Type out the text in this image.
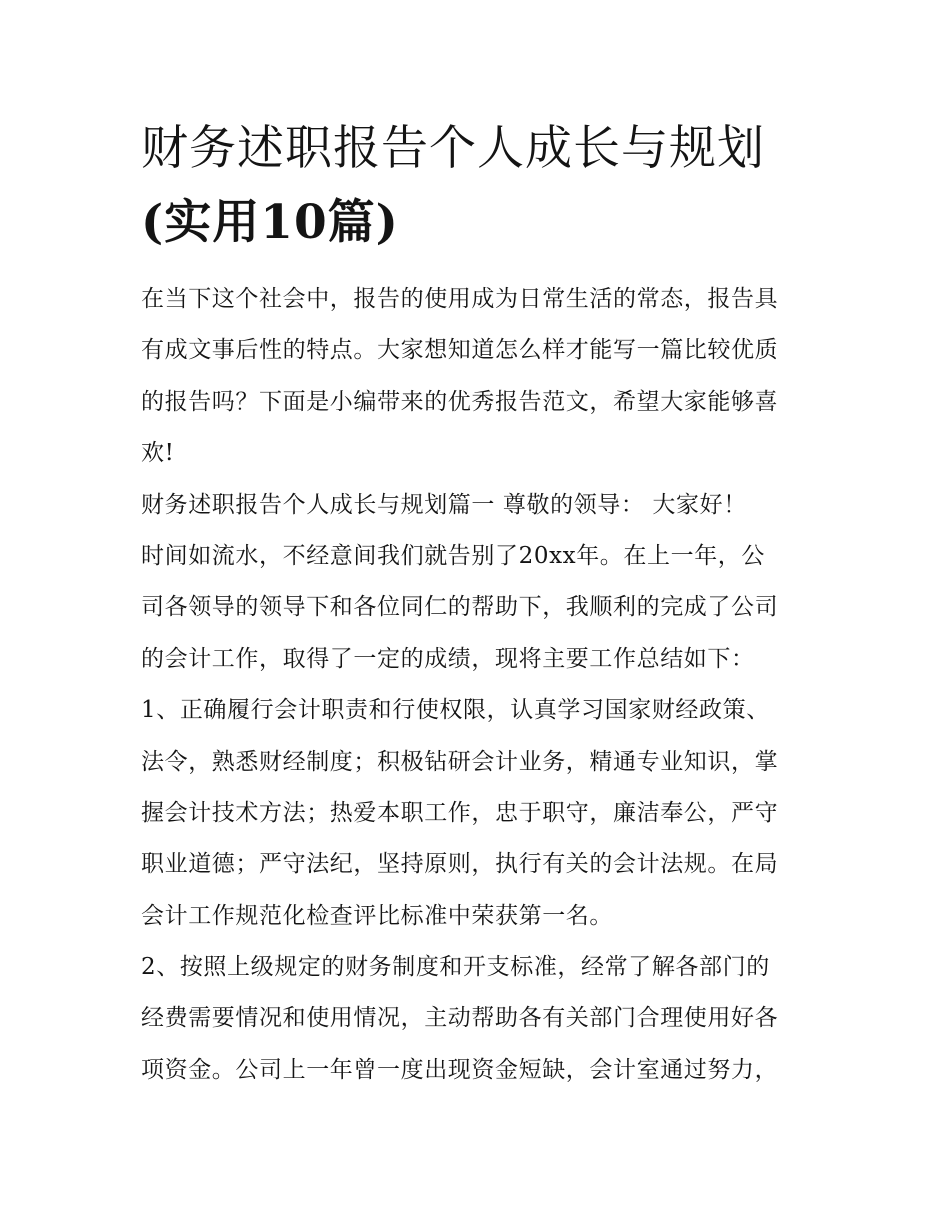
财务述职报告个人成长与规划
(实用10篇)
在当下这个社会中，报告的使用成为日常生活的常态，报告具
有成文事后性的特点。大家想知道怎么样才能写一篇比较优质
的报告吗？下面是小编带来的优秀报告范文，希望大家能够喜
欢!
财务述职报告个人成长与规划篇一 尊敬的领导： 大家好！
时间如流水，不经意间我们就告别了20xx年。在上一年，公
司各领导的领导下和各位同仁的帮助下，我顺利的完成了公司
的会计工作，取得了一定的成绩，现将主要工作总结如下：
1、正确履行会计职责和行使权限，认真学习国家财经政策、
法令，熟悉财经制度；积极钻研会计业务，精通专业知识，掌
握会计技术方法；热爱本职工作，忠于职守，廉洁奉公，严守
职业道德；严守法纪，坚持原则，执行有关的会计法规。在局
会计工作规范化检查评比标准中荣获第一名。
2、按照上级规定的财务制度和开支标准，经常了解各部门的
经费需要情况和使用情况，主动帮助各有关部门合理使用好各
项资金。公司上一年曾一度出现资金短缺，会计室通过努力，
